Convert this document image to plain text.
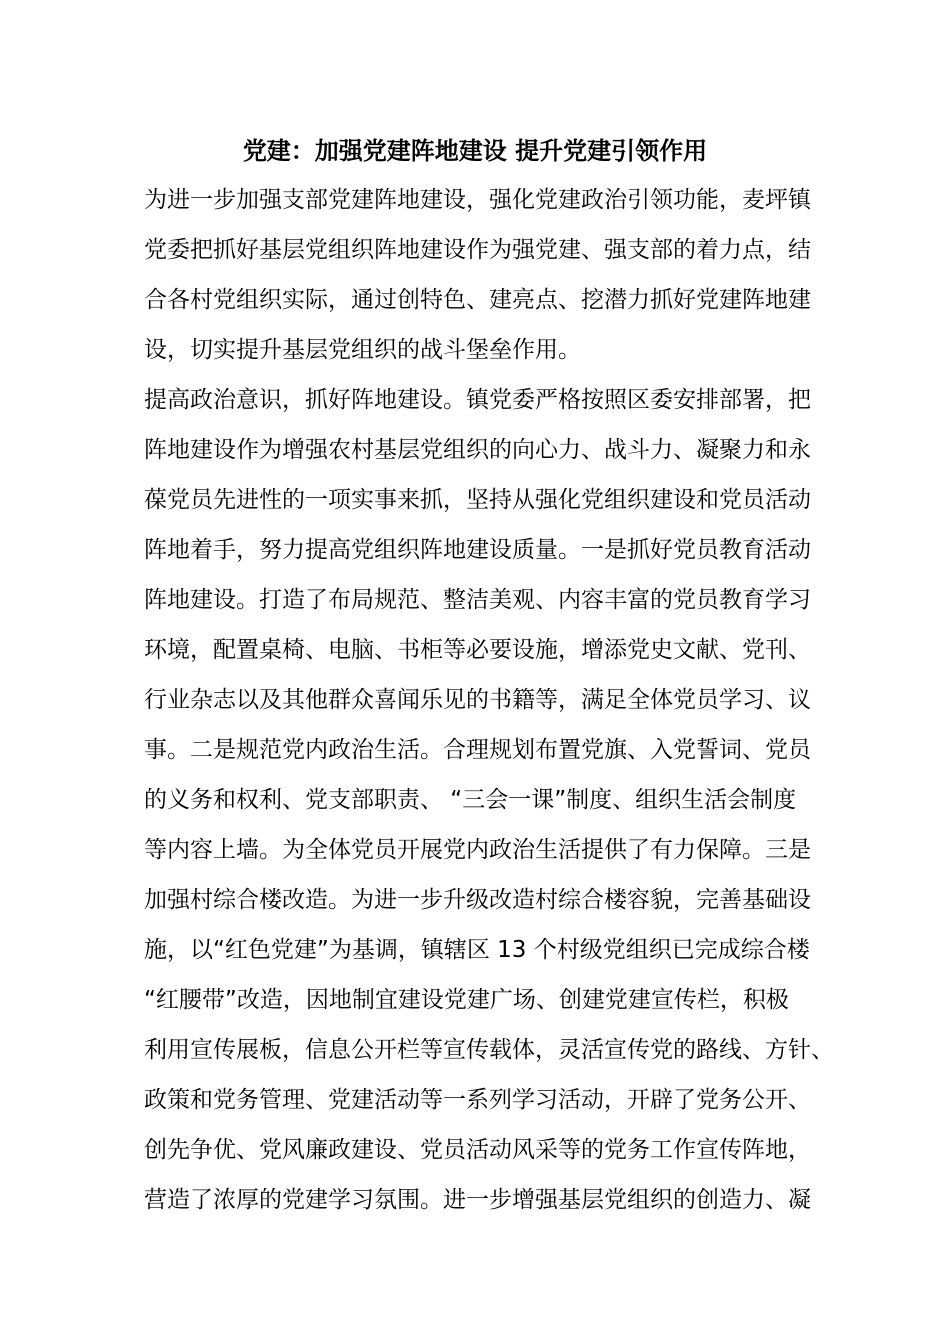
党建：加强党建阵地建设 提升党建引领作用
为进一步加强支部党建阵地建设，强化党建政治引领功能，麦坪镇
党委把抓好基层党组织阵地建设作为强党建、强支部的着力点，结
合各村党组织实际，通过创特色、建亮点、挖潜力抓好党建阵地建
设，切实提升基层党组织的战斗堡垒作用。
提高政治意识，抓好阵地建设。镇党委严格按照区委安排部署，把
阵地建设作为增强农村基层党组织的向心力、战斗力、凝聚力和永
葆党员先进性的一项实事来抓，坚持从强化党组织建设和党员活动
阵地着手，努力提高党组织阵地建设质量。一是抓好党员教育活动
阵地建设。打造了布局规范、整洁美观、内容丰富的党员教育学习
环境，配置桌椅、电脑、书柜等必要设施，增添党史文献、党刊、
行业杂志以及其他群众喜闻乐见的书籍等，满足全体党员学习、议
事。二是规范党内政治生活。合理规划布置党旗、入党誓词、党员
的义务和权利、党支部职责、 “三会一课”制度、组织生活会制度
等内容上墙。为全体党员开展党内政治生活提供了有力保障。三是
加强村综合楼改造。为进一步升级改造村综合楼容貌，完善基础设
施，以“红色党建”为基调，镇辖区 13 个村级党组织已完成综合楼
“红腰带”改造，因地制宜建设党建广场、创建党建宣传栏，积极
利用宣传展板，信息公开栏等宣传载体，灵活宣传党的路线、方针、
政策和党务管理、党建活动等一系列学习活动，开辟了党务公开、
创先争优、党风廉政建设、党员活动风采等的党务工作宣传阵地，
营造了浓厚的党建学习氛围。进一步增强基层党组织的创造力、凝
